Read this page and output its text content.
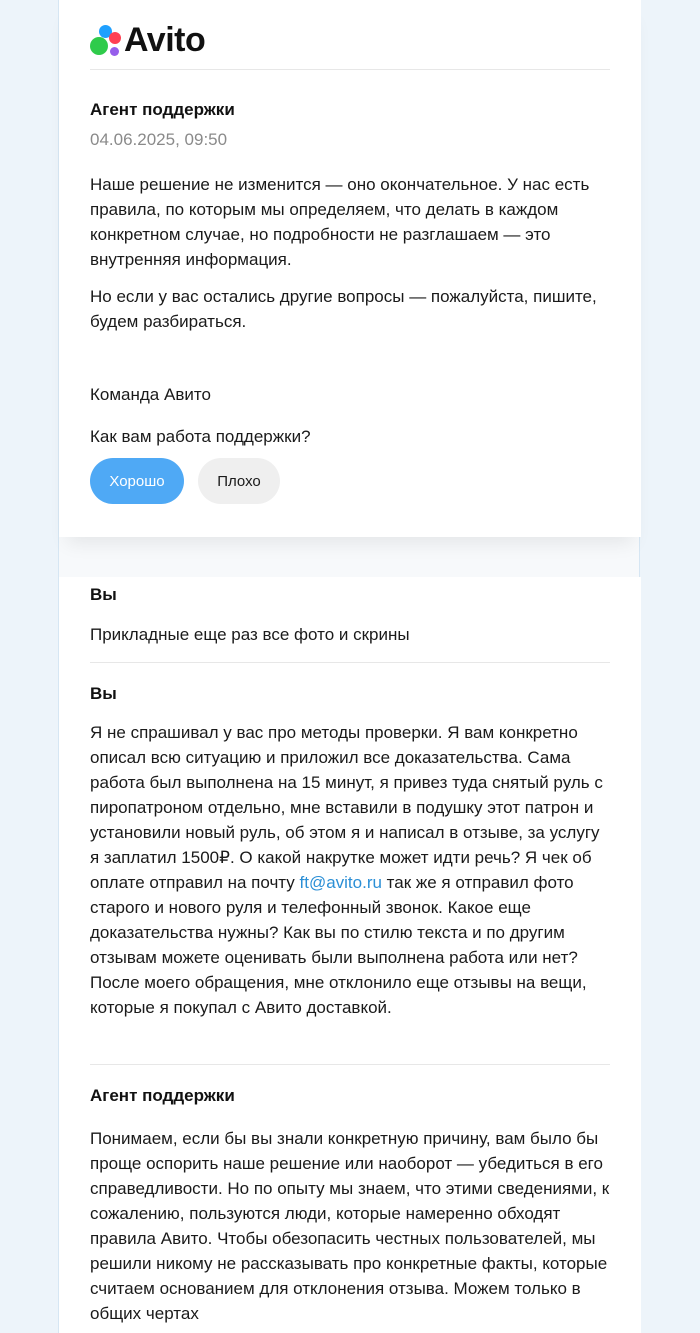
Avito
Агент поддержки
04.06.2025, 09:50

Наше решение не изменится — оно окончательное. У нас есть правила, по которым мы определяем, что делать в каждом конкретном случае, но подробности не разглашаем — это внутренняя информация.

Но если у вас остались другие вопросы — пожалуйста, пишите, будем разбираться.

Команда Авито

Как вам работа поддержки?

Хорошо	Плохо
Вы

Прикладные еще раз все фото и скрины

Вы

Я не спрашивал у вас про методы проверки. Я вам конкретно описал всю ситуацию и приложил все доказательства. Сама работа был выполнена на 15 минут, я привез туда снятый руль с пиропатроном отдельно, мне вставили в подушку этот патрон и установили новый руль, об этом я и написал в отзыве, за услугу я заплатил 1500₽. О какой накрутке может идти речь? Я чек об оплате отправил на почту ft@avito.ru так же я отправил фото старого и нового руля и телефонный звонок. Какое еще доказательства нужны? Как вы по стилю текста и по другим отзывам можете оценивать были выполнена работа или нет? После моего обращения, мне отклонило еще отзывы на вещи, которые я покупал с Авито доставкой.

Агент поддержки

Понимаем, если бы вы знали конкретную причину, вам было бы проще оспорить наше решение или наоборот — убедиться в его справедливости. Но по опыту мы знаем, что этими сведениями, к сожалению, пользуются люди, которые намеренно обходят правила Авито. Чтобы обезопасить честных пользователей, мы решили никому не рассказывать про конкретные факты, которые считаем основанием для отклонения отзыва. Можем только в общих чертах
